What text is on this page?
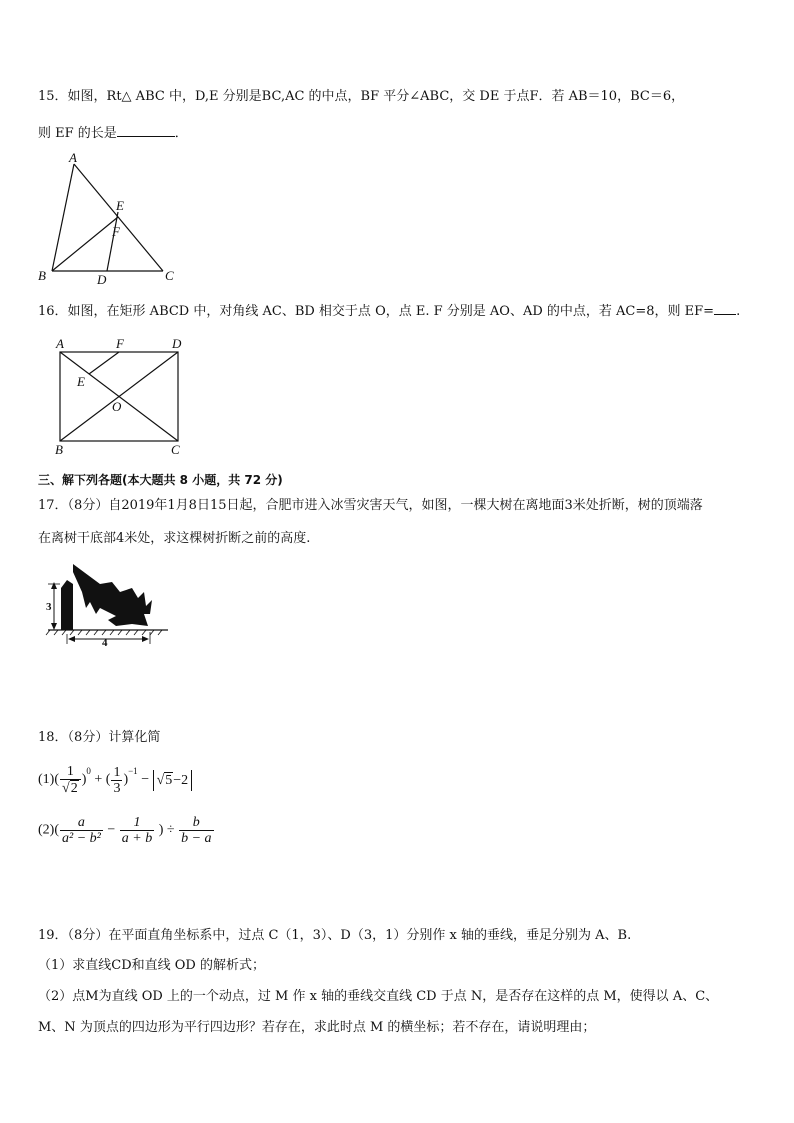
15．如图，Rt△ ABC 中，D,E 分别是BC,AC 的中点，BF 平分∠ABC，交 DE 于点F．若 AB＝10，BC＝6，
则 EF 的长是	．
A
B	C
D
E
F
16．如图，在矩形 ABCD 中，对角线 AC、BD 相交于点 O，点 E. F 分别是 AO、AD 的中点，若 AC=8，则 EF= .
A	F	D
E
O
B	C
三、解下列各题(本大题共 8 小题，共 72 分)
17．（8分）自2019年1月8日15日起，合肥市进入冰雪灾害天气，如图，一棵大树在离地面3米处折断，树的顶端落
在离树干底部4米处，求这棵树折断之前的高度.
3
4
18．（8分）计算化简
$(1)( \frac{1}{√2} )^0$ + ( $\frac{1}{3} )^{-1} - √5-2$
$(2)( \frac{a}{\text{a² − b²}} - \frac{1}{a + b}$ ) ÷ $\frac{b}{b - a}$
19．（8分）在平面直角坐标系中，过点 C（1，3）、D（3，1）分别作 x 轴的垂线，垂足分别为 A、B.
（1）求直线CD和直线 OD 的解析式；
（2）点M为直线 OD 上的一个动点，过 M 作 x 轴的垂线交直线 CD 于点 N，是否存在这样的点 M，使得以 A、C、
M、N 为顶点的四边形为平行四边形？若存在，求此时点 M 的横坐标；若不存在，请说明理由；
